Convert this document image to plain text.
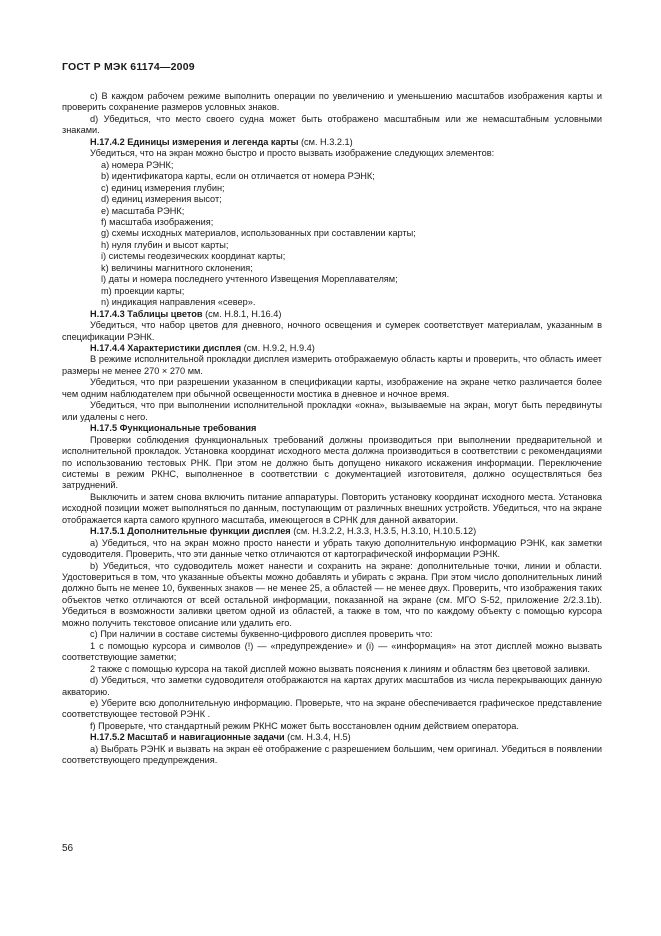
ГОСТ Р МЭК 61174—2009

с) В каждом рабочем режиме выполнить операции по увеличению и уменьшению масштабов изображения карты и проверить сохранение размеров условных знаков.

d) Убедиться, что место своего судна может быть отображено масштабным или же немасштабным условными знаками.

Н.17.4.2 Единицы измерения и легенда карты (см. Н.3.2.1)

Убедиться, что на экран можно быстро и просто вызвать изображение следующих элементов:

а) номера РЭНК;

b) идентификатора карты, если он отличается от номера РЭНК;

с) единиц измерения глубин;

d) единиц измерения высот;

е) масштаба РЭНК;

f) масштаба изображения;

g) схемы исходных материалов, использованных при составлении карты;

h) нуля глубин и высот карты;

i) системы геодезических координат карты;

k) величины магнитного склонения;

l) даты и номера последнего учтенного Извещения Мореплавателям;

m) проекции карты;

n) индикация направления «север».

Н.17.4.3 Таблицы цветов (см. Н.8.1, Н.16.4)

Убедиться, что набор цветов для дневного, ночного освещения и сумерек соответствует материалам, указанным в спецификации РЭНК.

Н.17.4.4 Характеристики дисплея (см. Н.9.2, Н.9.4)

В режиме исполнительной прокладки дисплея измерить отображаемую область карты и проверить, что область имеет размеры не менее 270 × 270 мм.

Убедиться, что при разрешении указанном в спецификации карты, изображение на экране четко различается более чем одним наблюдателем при обычной освещенности мостика в дневное и ночное время.

Убедиться, что при выполнении исполнительной прокладки «окна», вызываемые на экран, могут быть передвинуты или удалены с него.

Н.17.5 Функциональные требования

Проверки соблюдения функциональных требований должны производиться при выполнении предварительной и исполнительной прокладок. Установка координат исходного места должна производиться в соответствии с рекомендациями по использованию тестовых РНК. При этом не должно быть допущено никакого искажения информации. Переключение системы в режим РКНС, выполненное в соответствии с документацией изготовителя, должно осуществляться без затруднений.

Выключить и затем снова включить питание аппаратуры. Повторить установку координат исходного места. Установка исходной позиции может выполняться по данным, поступающим от различных внешних устройств. Убедиться, что на экране отображается карта самого крупного масштаба, имеющегося в СРНК для данной акватории.

Н.17.5.1 Дополнительные функции дисплея (см. Н.3.2.2, Н.3.3, Н.3.5, Н.3.10, Н.10.5.12)

а) Убедиться, что на экран можно просто нанести и убрать такую дополнительную информацию РЭНК, как заметки судоводителя. Проверить, что эти данные четко отличаются от картографической информации РЭНК.

b) Убедиться, что судоводитель может нанести и сохранить на экране: дополнительные точки, линии и области. Удостовериться в том, что указанные объекты можно добавлять и убирать с экрана. При этом число дополнительных линий должно быть не менее 10, буквенных знаков — не менее 25, а областей — не менее двух. Проверить, что изображения таких объектов четко отличаются от всей остальной информации, показанной на экране (см. МГО S-52, приложение 2/2.3.1b). Убедиться в возможности заливки цветом одной из областей, а также в том, что по каждому объекту с помощью курсора можно получить текстовое описание или удалить его.

с) При наличии в составе системы буквенно-цифрового дисплея проверить что:

1 с помощью курсора и символов (!) — «предупреждение» и (i) — «информация» на этот дисплей можно вызвать соответствующие заметки;

2 также с помощью курсора на такой дисплей можно вызвать пояснения к линиям и областям без цветовой заливки.

d) Убедиться, что заметки судоводителя отображаются на картах других масштабов из числа перекрывающих данную акваторию.

е) Уберите всю дополнительную информацию. Проверьте, что на экране обеспечивается графическое представление соответствующее тестовой РЭНК .

f) Проверьте, что стандартный режим РКНС может быть восстановлен одним действием оператора.

Н.17.5.2 Масштаб и навигационные задачи (см. Н.3.4, Н.5)

а) Выбрать РЭНК и вызвать на экран её отображение с разрешением большим, чем оригинал. Убедиться в появлении соответствующего предупреждения.

56
